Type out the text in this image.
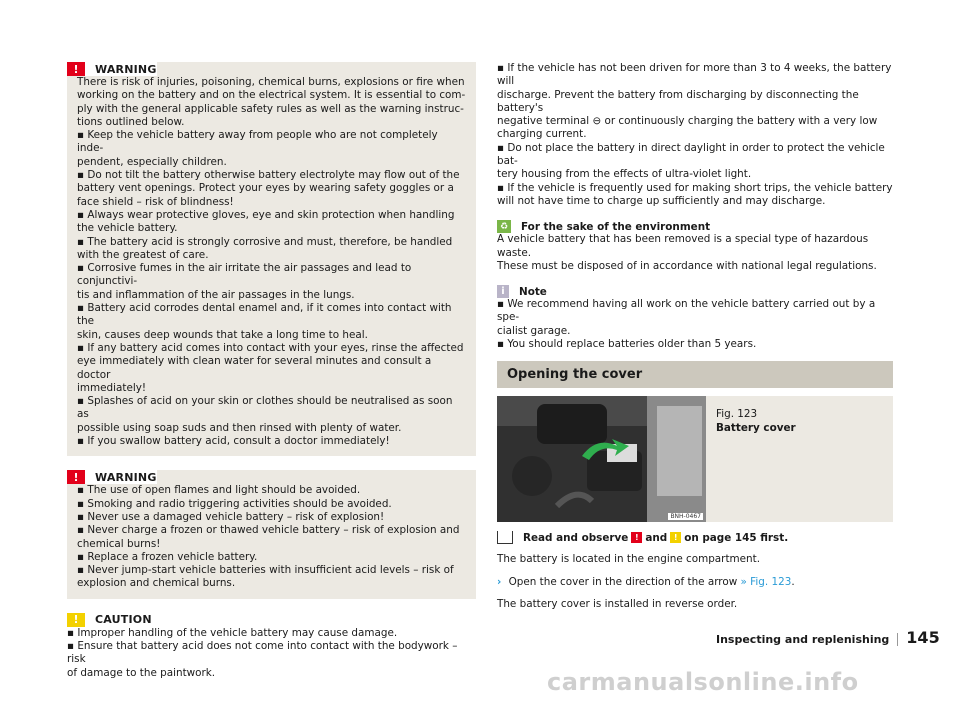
!	WARNING

There is risk of injuries, poisoning, chemical burns, explosions or fire when

working on the battery and on the electrical system. It is essential to com-

ply with the general applicable safety rules as well as the warning instruc-

tions outlined below.

▪ Keep the vehicle battery away from people who are not completely inde-

pendent, especially children.

▪ Do not tilt the battery otherwise battery electrolyte may flow out of the

battery vent openings. Protect your eyes by wearing safety goggles or a

face shield – risk of blindness!

▪ Always wear protective gloves, eye and skin protection when handling

the vehicle battery.

▪ The battery acid is strongly corrosive and must, therefore, be handled

with the greatest of care.

▪ Corrosive fumes in the air irritate the air passages and lead to conjunctivi-

tis and inflammation of the air passages in the lungs.

▪ Battery acid corrodes dental enamel and, if it comes into contact with the

skin, causes deep wounds that take a long time to heal.

▪ If any battery acid comes into contact with your eyes, rinse the affected

eye immediately with clean water for several minutes and consult a doctor

immediately!

▪ Splashes of acid on your skin or clothes should be neutralised as soon as

possible using soap suds and then rinsed with plenty of water.

▪ If you swallow battery acid, consult a doctor immediately!

!	WARNING

▪ The use of open flames and light should be avoided.

▪ Smoking and radio triggering activities should be avoided.

▪ Never use a damaged vehicle battery – risk of explosion!

▪ Never charge a frozen or thawed vehicle battery – risk of explosion and

chemical burns!

▪ Replace a frozen vehicle battery.

▪ Never jump-start vehicle batteries with insufficient acid levels – risk of

explosion and chemical burns.

!	CAUTION

▪ Improper handling of the vehicle battery may cause damage.

▪ Ensure that battery acid does not come into contact with the bodywork – risk

of damage to the paintwork.

▪ If the vehicle has not been driven for more than 3 to 4 weeks, the battery will

discharge. Prevent the battery from discharging by disconnecting the battery's

negative terminal ⊖ or continuously charging the battery with a very low

charging current.

▪ Do not place the battery in direct daylight in order to protect the vehicle bat-

tery housing from the effects of ultra-violet light.

▪ If the vehicle is frequently used for making short trips, the vehicle battery

will not have time to charge up sufficiently and may discharge.

♻ For the sake of the environment

A vehicle battery that has been removed is a special type of hazardous waste.

These must be disposed of in accordance with national legal regulations.

i	Note

▪ We recommend having all work on the vehicle battery carried out by a spe-

cialist garage.

▪ You should replace batteries older than 5 years.

Opening the cover
BNH-0467
Fig. 123
Battery cover
Read and observe ! and ! on page 145 first.

The battery is located in the engine compartment.

› Open the cover in the direction of the arrow » Fig. 123.

The battery cover is installed in reverse order.

Inspecting and replenishing	145
carmanualsonline.info
